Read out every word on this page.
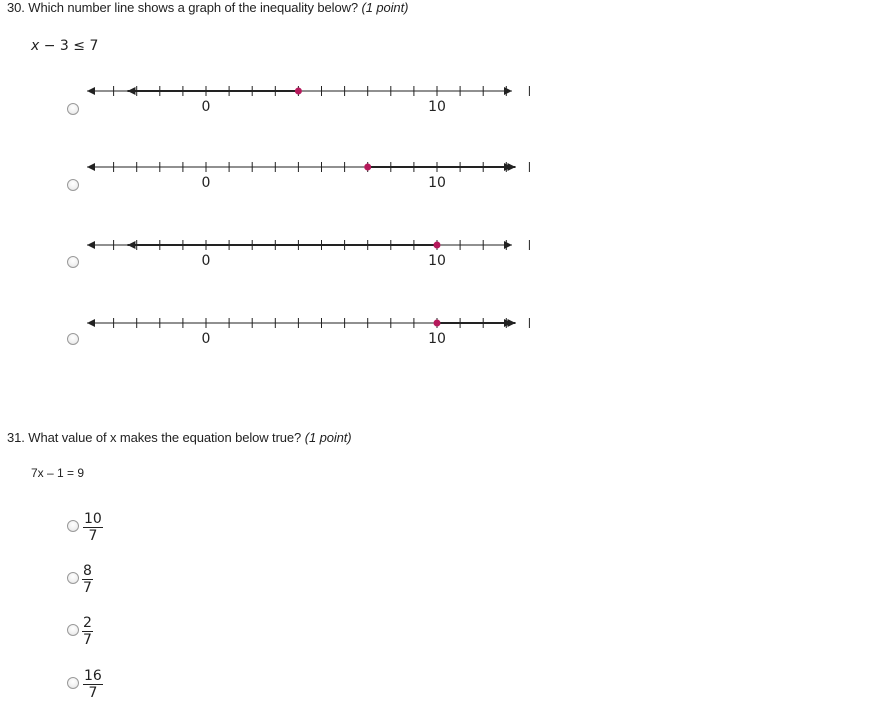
30. Which number line shows a graph of the inequality below? (1 point)
x − 3 ≤ 7
0	10
0	10
0	10
0	10
31. What value of x makes the equation below true? (1 point)
7x – 1 = 9
$\frac{10}{7}$
$\frac{8}{7}$
$\frac{2}{7}$
$\frac{16}{7}$
